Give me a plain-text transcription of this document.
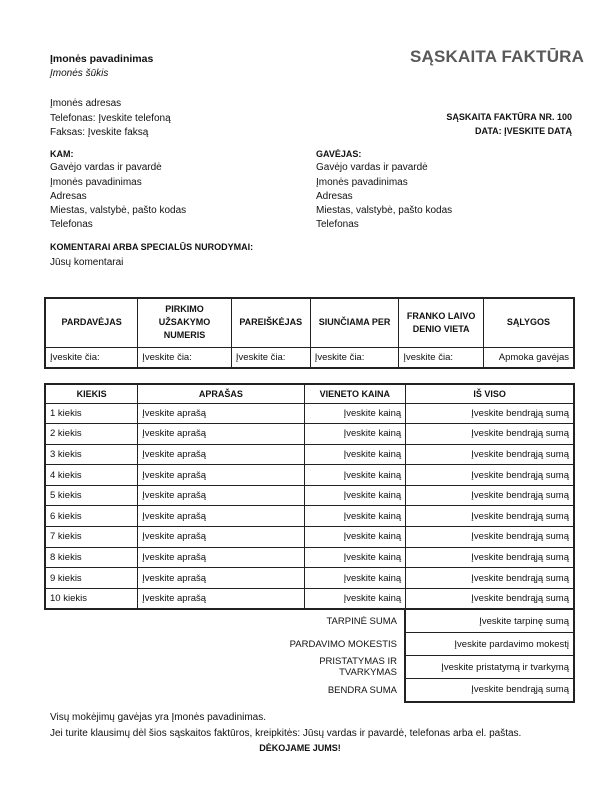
SĄSKAITA FAKTŪRA
Įmonės pavadinimas
Įmonės šūkis
Įmonės adresas
Telefonas: Įveskite telefoną
Faksas: Įveskite faksą
SĄSKAITA FAKTŪRA NR. 100
DATA: ĮVESKITE DATĄ
KAM:
Gavėjo vardas ir pavardė
Įmonės pavadinimas
Adresas
Miestas, valstybė, pašto kodas
Telefonas
GAVĖJAS:
Gavėjo vardas ir pavardė
Įmonės pavadinimas
Adresas
Miestas, valstybė, pašto kodas
Telefonas
KOMENTARAI ARBA SPECIALŪS NURODYMAI:
Jūsų komentarai
PARDAVĖJAS	PIRKIMO UŽSAKYMO NUMERIS	PAREIŠKĖJAS	SIUNČIAMA PER	FRANKO LAIVO DENIO VIETA	SĄLYGOS
Įveskite čia:	Įveskite čia:	Įveskite čia:	Įveskite čia:	Įveskite čia:	Apmoka gavėjas
KIEKIS	APRAŠAS	VIENETO KAINA	IŠ VISO
1 kiekis	Įveskite aprašą	Įveskite kainą	Įveskite bendrąją sumą
2 kiekis	Įveskite aprašą	Įveskite kainą	Įveskite bendrąją sumą
3 kiekis	Įveskite aprašą	Įveskite kainą	Įveskite bendrąją sumą
4 kiekis	Įveskite aprašą	Įveskite kainą	Įveskite bendrąją sumą
5 kiekis	Įveskite aprašą	Įveskite kainą	Įveskite bendrąją sumą
6 kiekis	Įveskite aprašą	Įveskite kainą	Įveskite bendrąją sumą
7 kiekis	Įveskite aprašą	Įveskite kainą	Įveskite bendrąją sumą
8 kiekis	Įveskite aprašą	Įveskite kainą	Įveskite bendrąją sumą
9 kiekis	Įveskite aprašą	Įveskite kainą	Įveskite bendrąją sumą
10 kiekis	Įveskite aprašą	Įveskite kainą	Įveskite bendrąją sumą
TARPINĖ SUMA	Įveskite tarpinę sumą
PARDAVIMO MOKESTIS	Įveskite pardavimo mokestį
PRISTATYMAS IR TVARKYMAS	Įveskite pristatymą ir tvarkymą
BENDRA SUMA	Įveskite bendrąją sumą
Visų mokėjimų gavėjas yra Įmonės pavadinimas.
Jei turite klausimų dėl šios sąskaitos faktūros, kreipkitės: Jūsų vardas ir pavardė, telefonas arba el. paštas.
DĖKOJAME JUMS!
